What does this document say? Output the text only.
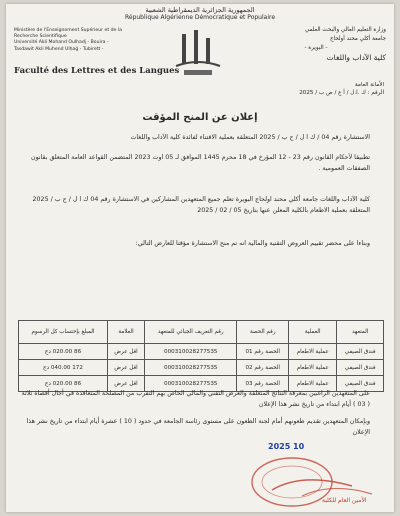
الجمهورية الجزائرية الديمقراطية الشعبية
République Algérienne Démocratique et Populaire
Ministère de l'Enseignement Supérieur et de la Recherche Scientifique
Université Akli Mohand Oulhadj - Bouira -
Tasdawit Akli Muhend Ulḥağ - Tubirett -
Faculté des Lettres et des Langues
وزارة التعليم العالي والبحث العلمي
جامعة أكلي محند أولحاج
- البويرة -
كلية الآداب واللغات
الأمانة العامة
الرقم : ك .ا.ل / أ ع / ص ب / 2025
إعلان عن المنح المؤقت
الاستشارة رقم 04 / ك ا ل / ح ب / 2025 المتعلقة بعملية الاقتناء لفائدة كلية الآداب واللغات
تطبيقا لأحكام القانون رقم 23 - 12 المؤرخ في 18 محرم 1445 الموافق لـ 05 اوت 2023 المتضمن القواعد العامة المتعلق بقانون الصفقات العمومية .
كلية الآداب واللغات جامعة أكلي محند اولحاج البويرة تعلم جميع المتعهدين المشاركين في الاستشارة رقم 04 ك ا ل / ح ب / 2025 المتعلقة بعملية الاطعام بالكلية المعلن عنها بتاريخ 05 / 02 / 2025
وبناءا على محضر تقييم العروض التقنية والمالية انه تم منح الاستشارة مؤقتا للعارض التالي:
المتعهد	العملية	رقم الحصة	رقم التعريف الجبائي للمتعهد	العلامة	المبلغ بإحتساب كل الرسوم
فندق الصيفي	عملية الاطعام	الحصة رقم 01	000310028277535	اقل عرض	86 020.00 دج
فندق الصيفي	عملية الاطعام	الحصة رقم 02	000310028277535	اقل عرض	172 040.00 دج
فندق الصيفي	عملية الاطعام	الحصة رقم 03	000310028277535	اقل عرض	86 020.00 دج
على المتعهدين الراغبين بمعرفة النتائج المتعلقة والعرض التقني والمالي الخاص بهم التقرب من المصلحة المتعاقدة في أجال أقصاه ثلاثة ( 03 ) أيام ابتداء من تاريخ نشر هذا الإعلان
وبإمكان المتعهدين تقديم طعونهم أمام لجنة الطعون على مستوى رئاسة الجامعة في حدود ( 10 ) عشرة أيام ابتداء من تاريخ نشر هذا الإعلان
الأمين العام للكلية
2025 10
